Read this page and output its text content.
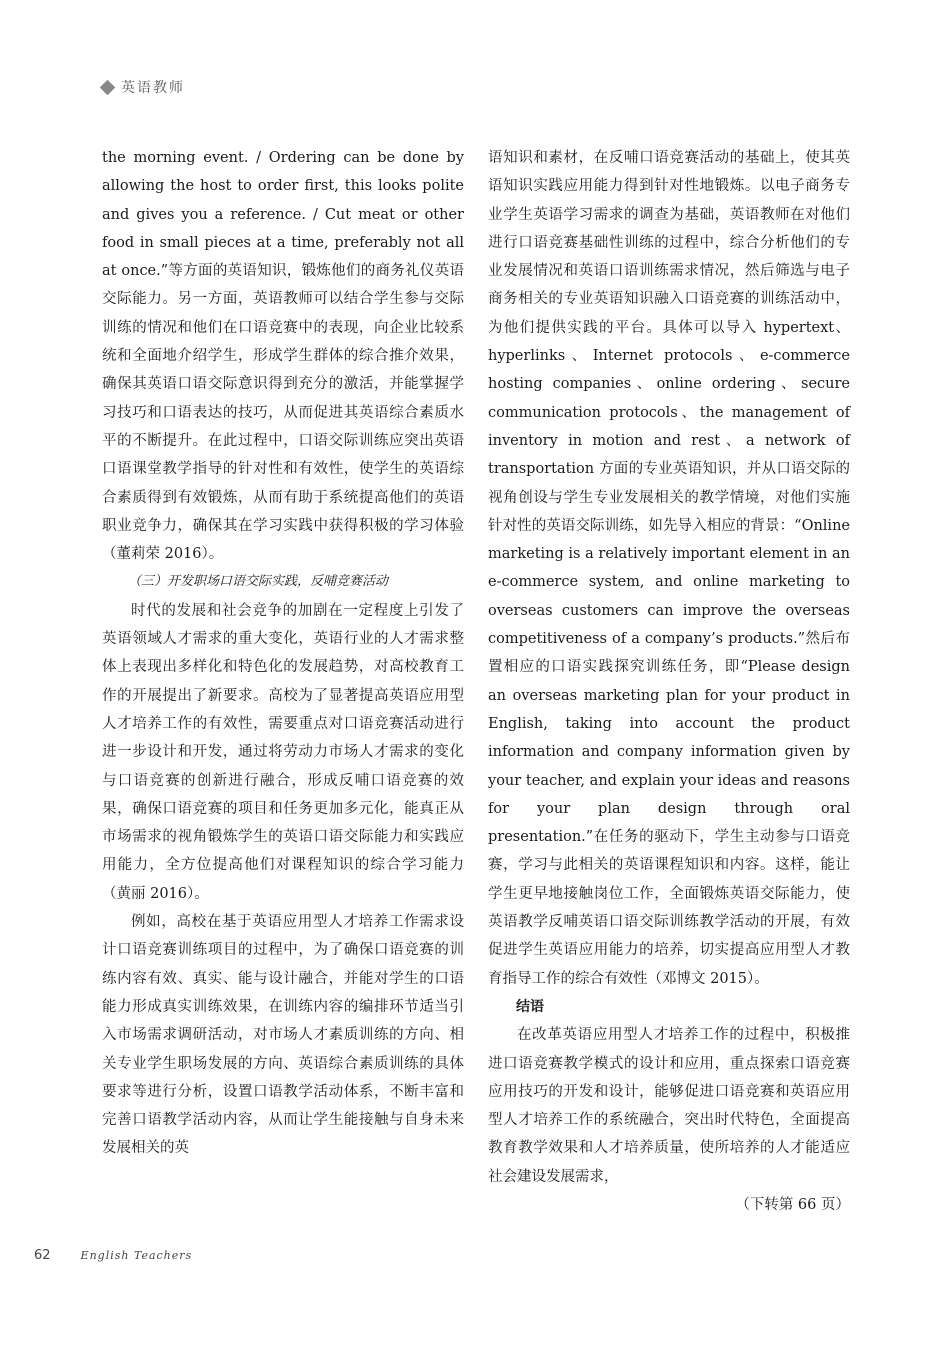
英语教师

the morning event. / Ordering can be done by allowing the host to order first, this looks polite and gives you a reference. / Cut meat or other food in small pieces at a time, preferably not all at once.”等方面的英语知识，锻炼他们的商务礼仪英语交际能力。另一方面，英语教师可以结合学生参与交际训练的情况和他们在口语竞赛中的表现，向企业比较系统和全面地介绍学生，形成学生群体的综合推介效果，确保其英语口语交际意识得到充分的激活，并能掌握学习技巧和口语表达的技巧，从而促进其英语综合素质水平的不断提升。在此过程中，口语交际训练应突出英语口语课堂教学指导的针对性和有效性，使学生的英语综合素质得到有效锻炼，从而有助于系统提高他们的英语职业竞争力，确保其在学习实践中获得积极的学习体验（董莉荣 2016）。

（三）开发职场口语交际实践，反哺竞赛活动

时代的发展和社会竞争的加剧在一定程度上引发了英语领域人才需求的重大变化，英语行业的人才需求整体上表现出多样化和特色化的发展趋势，对高校教育工作的开展提出了新要求。高校为了显著提高英语应用型人才培养工作的有效性，需要重点对口语竞赛活动进行进一步设计和开发，通过将劳动力市场人才需求的变化与口语竞赛的创新进行融合，形成反哺口语竞赛的效果，确保口语竞赛的项目和任务更加多元化，能真正从市场需求的视角锻炼学生的英语口语交际能力和实践应用能力，全方位提高他们对课程知识的综合学习能力（黄丽 2016）。

例如，高校在基于英语应用型人才培养工作需求设计口语竞赛训练项目的过程中，为了确保口语竞赛的训练内容有效、真实、能与设计融合，并能对学生的口语能力形成真实训练效果，在训练内容的编排环节适当引入市场需求调研活动，对市场人才素质训练的方向、相关专业学生职场发展的方向、英语综合素质训练的具体要求等进行分析，设置口语教学活动体系，不断丰富和完善口语教学活动内容，从而让学生能接触与自身未来发展相关的英

语知识和素材，在反哺口语竞赛活动的基础上，使其英语知识实践应用能力得到针对性地锻炼。以电子商务专业学生英语学习需求的调查为基础，英语教师在对他们进行口语竞赛基础性训练的过程中，综合分析他们的专业发展情况和英语口语训练需求情况，然后筛选与电子商务相关的专业英语知识融入口语竞赛的训练活动中，为他们提供实践的平台。具体可以导入 hypertext、hyperlinks、Internet protocols、e-commerce hosting companies、online ordering、secure communication protocols、the management of inventory in motion and rest、a network of transportation 方面的专业英语知识，并从口语交际的视角创设与学生专业发展相关的教学情境，对他们实施针对性的英语交际训练，如先导入相应的背景：“Online marketing is a relatively important element in an e-commerce system, and online marketing to overseas customers can improve the overseas competitiveness of a company’s products.”然后布置相应的口语实践探究训练任务，即“Please design an overseas marketing plan for your product in English, taking into account the product information and company information given by your teacher, and explain your ideas and reasons for your plan design through oral presentation.”在任务的驱动下，学生主动参与口语竞赛，学习与此相关的英语课程知识和内容。这样，能让学生更早地接触岗位工作，全面锻炼英语交际能力，使英语教学反哺英语口语交际训练教学活动的开展，有效促进学生英语应用能力的培养，切实提高应用型人才教育指导工作的综合有效性（邓博文 2015）。

结语

在改革英语应用型人才培养工作的过程中，积极推进口语竞赛教学模式的设计和应用，重点探索口语竞赛应用技巧的开发和设计，能够促进口语竞赛和英语应用型人才培养工作的系统融合，突出时代特色，全面提高教育教学效果和人才培养质量，使所培养的人才能适应社会建设发展需求，

（下转第 66 页）

62	English Teachers
